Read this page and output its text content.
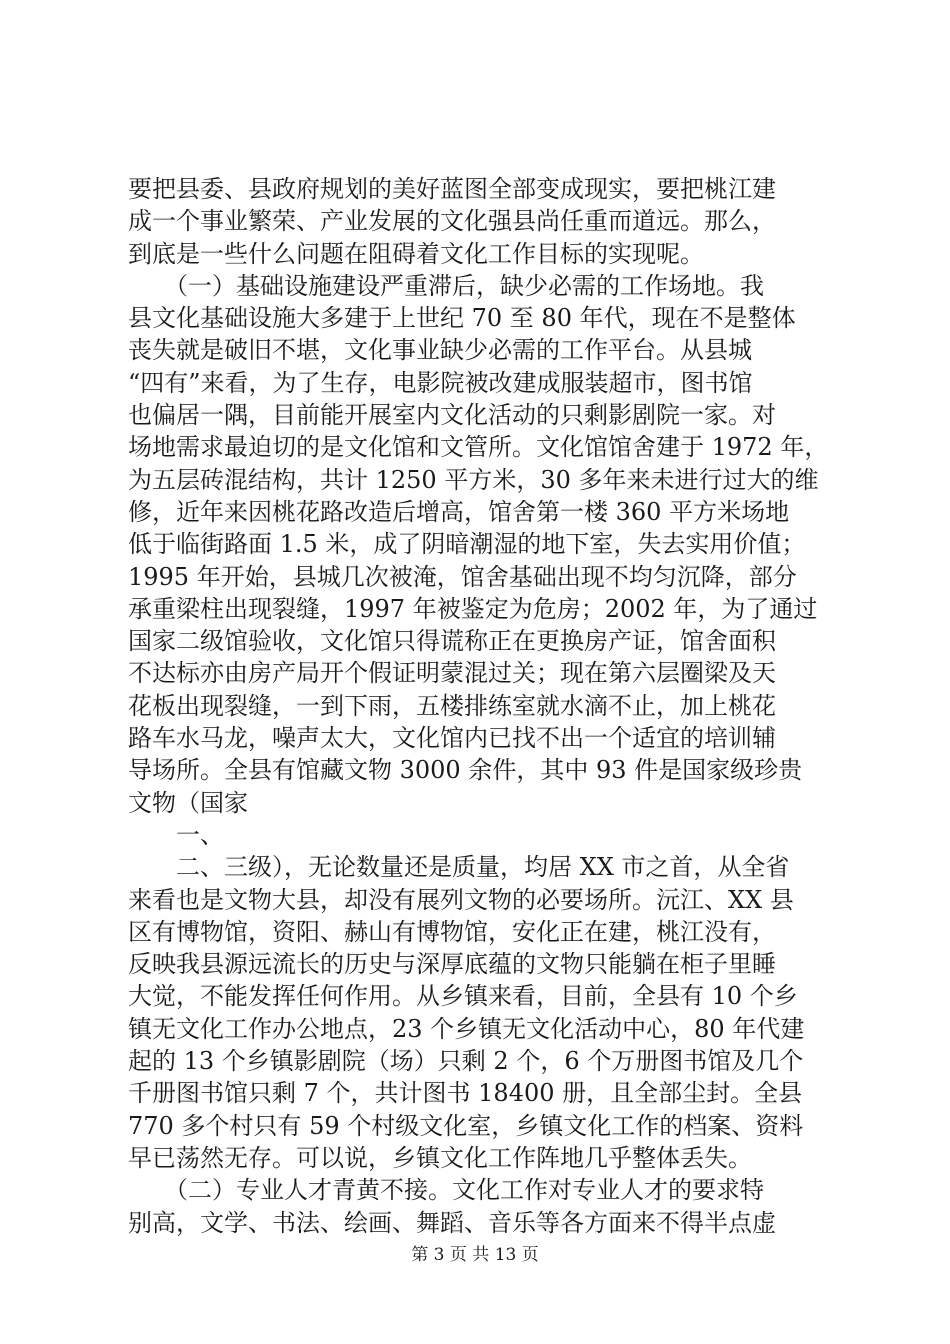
要把县委、县政府规划的美好蓝图全部变成现实，要把桃江建
成一个事业繁荣、产业发展的文化强县尚任重而道远。那么，
到底是一些什么问题在阻碍着文化工作目标的实现呢。
　　（一）基础设施建设严重滞后，缺少必需的工作场地。我
县文化基础设施大多建于上世纪 70 至 80 年代，现在不是整体
丧失就是破旧不堪，文化事业缺少必需的工作平台。从县城
“四有”来看，为了生存，电影院被改建成服装超市，图书馆
也偏居一隅，目前能开展室内文化活动的只剩影剧院一家。对
场地需求最迫切的是文化馆和文管所。文化馆馆舍建于 1972 年，
为五层砖混结构，共计 1250 平方米，30 多年来未进行过大的维
修，近年来因桃花路改造后增高，馆舍第一楼 360 平方米场地
低于临街路面 1.5 米，成了阴暗潮湿的地下室，失去实用价值；
1995 年开始，县城几次被淹，馆舍基础出现不均匀沉降，部分
承重梁柱出现裂缝，1997 年被鉴定为危房；2002 年，为了通过
国家二级馆验收，文化馆只得谎称正在更换房产证，馆舍面积
不达标亦由房产局开个假证明蒙混过关；现在第六层圈梁及天
花板出现裂缝，一到下雨，五楼排练室就水滴不止，加上桃花
路车水马龙，噪声太大，文化馆内已找不出一个适宜的培训辅
导场所。全县有馆藏文物 3000 余件，其中 93 件是国家级珍贵
文物（国家
　　一、
　　二、三级），无论数量还是质量，均居 XX 市之首，从全省
来看也是文物大县，却没有展列文物的必要场所。沅江、XX 县
区有博物馆，资阳、赫山有博物馆，安化正在建，桃江没有，
反映我县源远流长的历史与深厚底蕴的文物只能躺在柜子里睡
大觉，不能发挥任何作用。从乡镇来看，目前，全县有 10 个乡
镇无文化工作办公地点，23 个乡镇无文化活动中心，80 年代建
起的 13 个乡镇影剧院（场）只剩 2 个，6 个万册图书馆及几个
千册图书馆只剩 7 个，共计图书 18400 册，且全部尘封。全县
770 多个村只有 59 个村级文化室，乡镇文化工作的档案、资料
早已荡然无存。可以说，乡镇文化工作阵地几乎整体丢失。
　　（二）专业人才青黄不接。文化工作对专业人才的要求特
别高，文学、书法、绘画、舞蹈、音乐等各方面来不得半点虚
第 3 页 共 13 页
